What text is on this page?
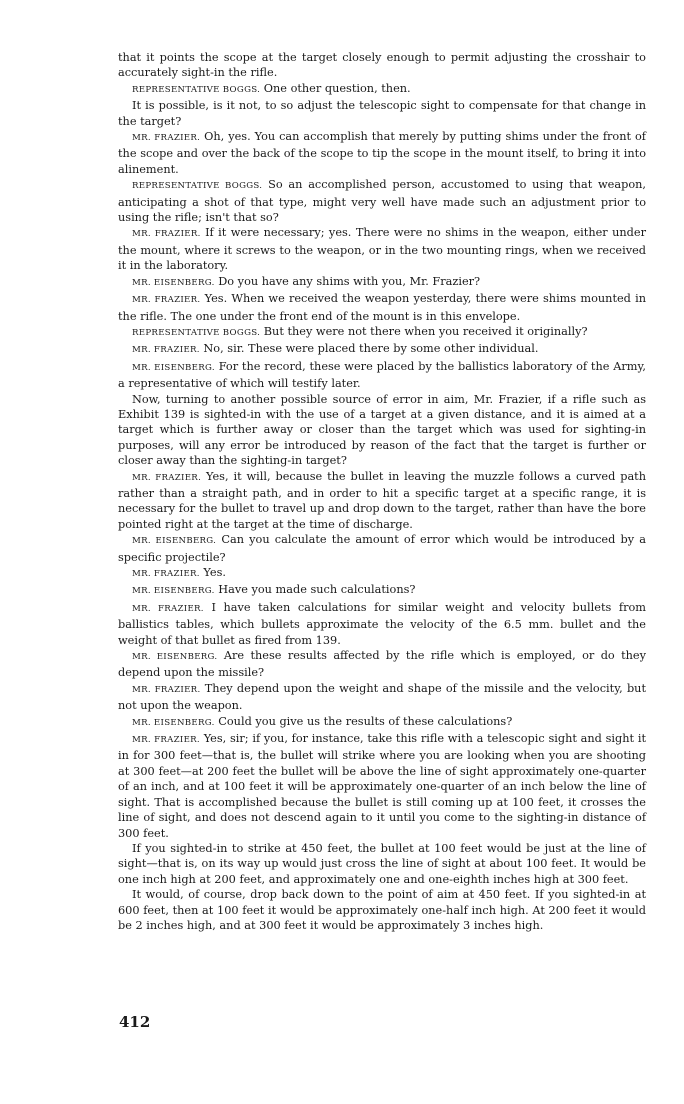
that it points the scope at the target closely enough to permit adjusting the crosshair to accurately sight-in the rifle.

REPRESENTATIVE BOGGS. One other question, then.

It is possible, is it not, to so adjust the telescopic sight to compensate for that change in the target?

MR. FRAZIER. Oh, yes. You can accomplish that merely by putting shims under the front of the scope and over the back of the scope to tip the scope in the mount itself, to bring it into alinement.

REPRESENTATIVE BOGGS. So an accomplished person, accustomed to using that weapon, anticipating a shot of that type, might very well have made such an adjustment prior to using the rifle; isn't that so?

MR. FRAZIER. If it were necessary; yes. There were no shims in the weapon, either under the mount, where it screws to the weapon, or in the two mounting rings, when we received it in the laboratory.

MR. EISENBERG. Do you have any shims with you, Mr. Frazier?

MR. FRAZIER. Yes. When we received the weapon yesterday, there were shims mounted in the rifle. The one under the front end of the mount is in this envelope.

REPRESENTATIVE BOGGS. But they were not there when you received it originally?

MR. FRAZIER. No, sir. These were placed there by some other individual.

MR. EISENBERG. For the record, these were placed by the ballistics laboratory of the Army, a representative of which will testify later.

Now, turning to another possible source of error in aim, Mr. Frazier, if a rifle such as Exhibit 139 is sighted-in with the use of a target at a given distance, and it is aimed at a target which is further away or closer than the target which was used for sighting-in purposes, will any error be introduced by reason of the fact that the target is further or closer away than the sighting-in target?

MR. FRAZIER. Yes, it will, because the bullet in leaving the muzzle follows a curved path rather than a straight path, and in order to hit a specific target at a specific range, it is necessary for the bullet to travel up and drop down to the target, rather than have the bore pointed right at the target at the time of discharge.

MR. EISENBERG. Can you calculate the amount of error which would be introduced by a specific projectile?

MR. FRAZIER. Yes.

MR. EISENBERG. Have you made such calculations?

MR. FRAZIER. I have taken calculations for similar weight and velocity bullets from ballistics tables, which bullets approximate the velocity of the 6.5 mm. bullet and the weight of that bullet as fired from 139.

MR. EISENBERG. Are these results affected by the rifle which is employed, or do they depend upon the missile?

MR. FRAZIER. They depend upon the weight and shape of the missile and the velocity, but not upon the weapon.

MR. EISENBERG. Could you give us the results of these calculations?

MR. FRAZIER. Yes, sir; if you, for instance, take this rifle with a telescopic sight and sight it in for 300 feet—that is, the bullet will strike where you are looking when you are shooting at 300 feet—at 200 feet the bullet will be above the line of sight approximately one-quarter of an inch, and at 100 feet it will be approximately one-quarter of an inch below the line of sight. That is accomplished because the bullet is still coming up at 100 feet, it crosses the line of sight, and does not descend again to it until you come to the sighting-in distance of 300 feet.

If you sighted-in to strike at 450 feet, the bullet at 100 feet would be just at the line of sight—that is, on its way up would just cross the line of sight at about 100 feet. It would be one inch high at 200 feet, and approximately one and one-eighth inches high at 300 feet.

It would, of course, drop back down to the point of aim at 450 feet. If you sighted-in at 600 feet, then at 100 feet it would be approximately one-half inch high. At 200 feet it would be 2 inches high, and at 300 feet it would be approximately 3 inches high.

412
